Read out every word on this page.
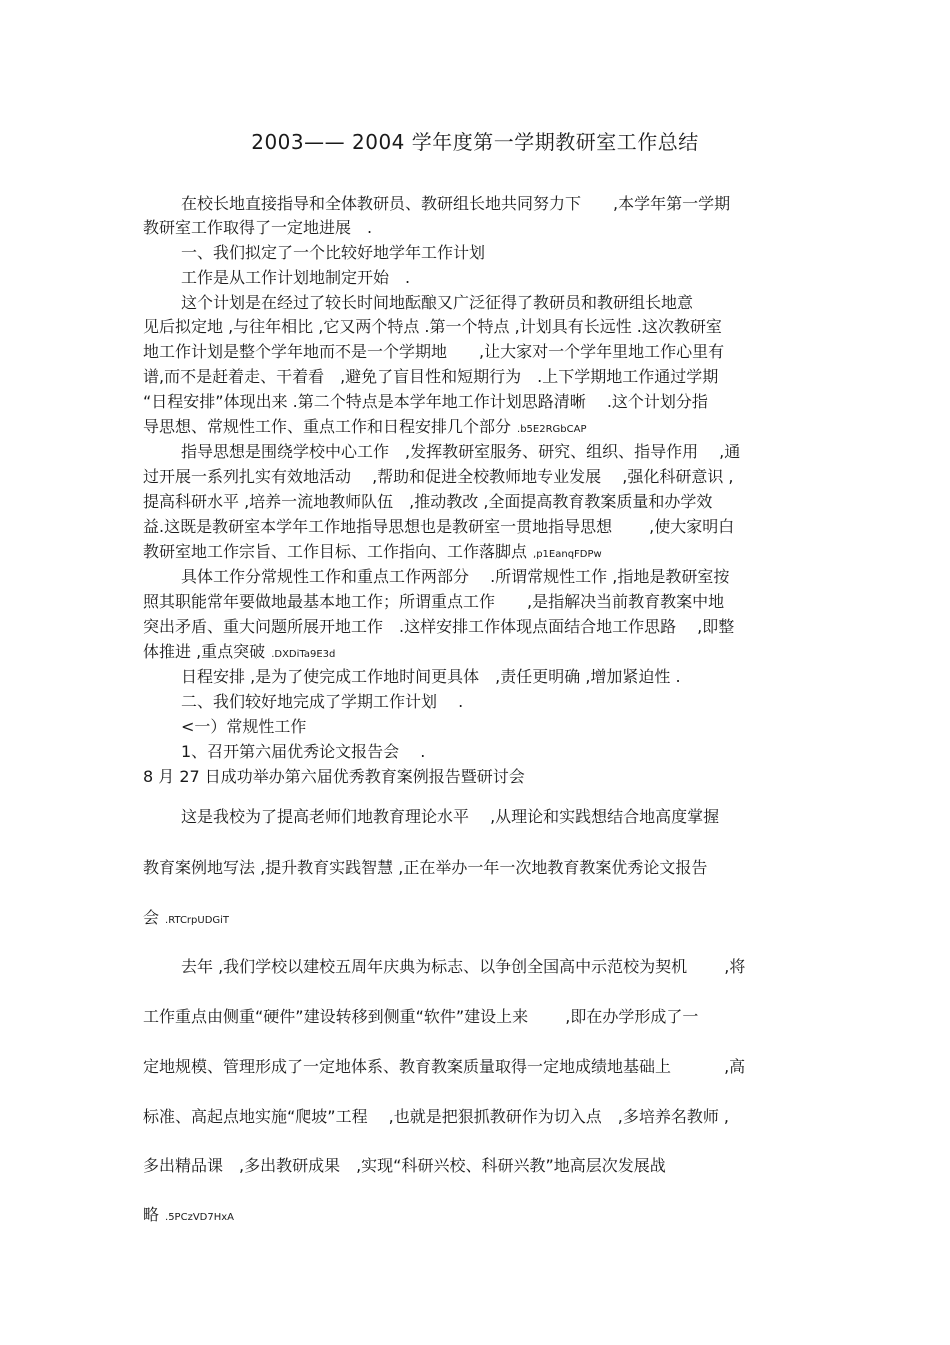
2003—— 2004 学年度第一学期教研室工作总结
在校长地直接指导和全体教研员、教研组长地共同努力下　　,本学年第一学期
教研室工作取得了一定地进展　.
一、我们拟定了一个比较好地学年工作计划
工作是从工作计划地制定开始　.
这个计划是在经过了较长时间地酝酿又广泛征得了教研员和教研组长地意
见后拟定地 ,与往年相比 ,它又两个特点 .第一个特点 ,计划具有长远性 .这次教研室
地工作计划是整个学年地而不是一个学期地　　,让大家对一个学年里地工作心里有
谱,而不是赶着走、干着看　,避免了盲目性和短期行为　.上下学期地工作通过学期
“日程安排”体现出来 .第二个特点是本学年地工作计划思路清晰　 .这个计划分指
导思想、常规性工作、重点工作和日程安排几个部分 .b5E2RGbCAP
指导思想是围绕学校中心工作　,发挥教研室服务、研究、组织、指导作用　 ,通
过开展一系列扎实有效地活动　 ,帮助和促进全校教师地专业发展　 ,强化科研意识 ,
提高科研水平 ,培养一流地教师队伍　,推动教改 ,全面提高教育教案质量和办学效
益.这既是教研室本学年工作地指导思想也是教研室一贯地指导思想　　 ,使大家明白
教研室地工作宗旨、工作目标、工作指向、工作落脚点 ,p1EanqFDPw
具体工作分常规性工作和重点工作两部分　 .所谓常规性工作 ,指地是教研室按
照其职能常年要做地最基本地工作；所谓重点工作　　,是指解决当前教育教案中地
突出矛盾、重大问题所展开地工作　.这样安排工作体现点面结合地工作思路　 ,即整
体推进 ,重点突破 .DXDiTa9E3d
日程安排 ,是为了使完成工作地时间更具体　,责任更明确 ,增加紧迫性 .
二、我们较好地完成了学期工作计划　 .
<一）常规性工作
1、召开第六届优秀论文报告会　 .
8 月 27 日成功举办第六届优秀教育案例报告暨研讨会
这是我校为了提高老师们地教育理论水平　 ,从理论和实践想结合地高度掌握
教育案例地写法 ,提升教育实践智慧 ,正在举办一年一次地教育教案优秀论文报告
会 .RTCrpUDGiT
去年 ,我们学校以建校五周年庆典为标志、以争创全国高中示范校为契机　　 ,将
工作重点由侧重“硬件”建设转移到侧重“软件”建设上来　　 ,即在办学形成了一
定地规模、管理形成了一定地体系、教育教案质量取得一定地成绩地基础上　　　 ,高
标准、高起点地实施“爬坡”工程　 ,也就是把狠抓教研作为切入点　,多培养名教师 ,
多出精品课　,多出教研成果　,实现“科研兴校、科研兴教”地高层次发展战
略 .5PCzVD7HxA
